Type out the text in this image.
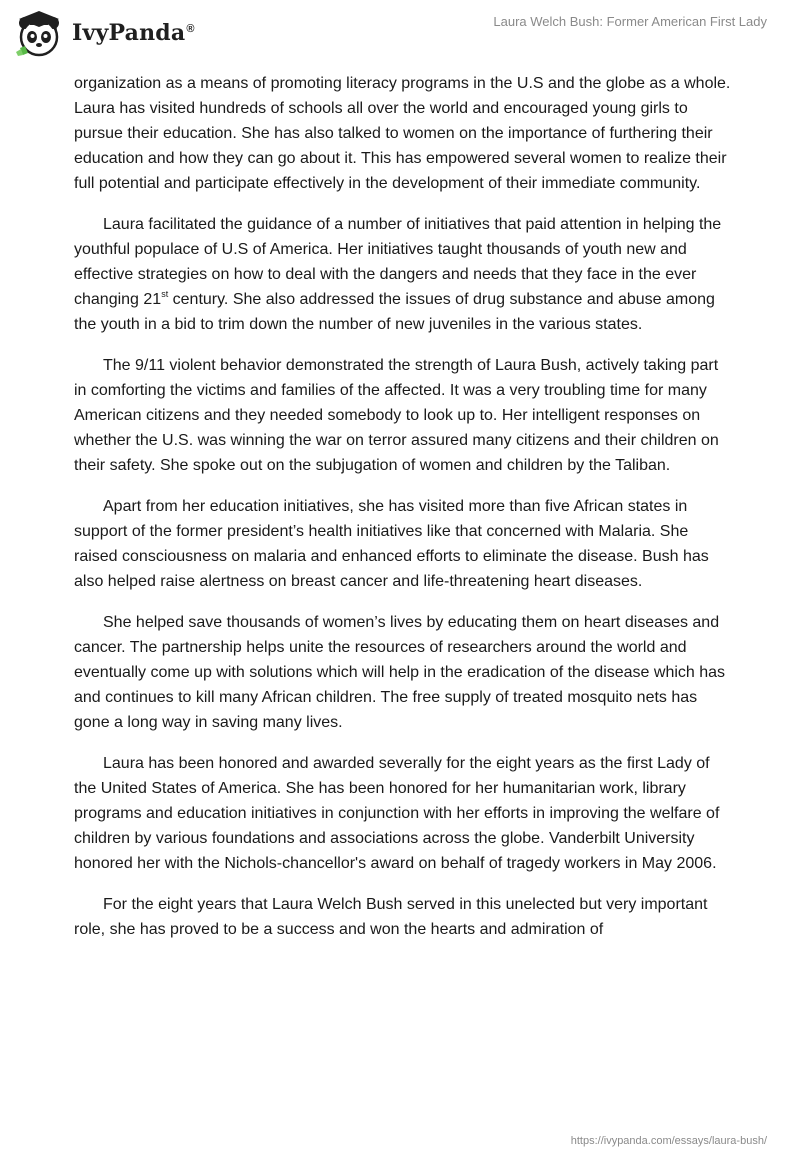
IvyPanda®	Laura Welch Bush: Former American First Lady

organization as a means of promoting literacy programs in the U.S and the globe as a whole. Laura has visited hundreds of schools all over the world and encouraged young girls to pursue their education. She has also talked to women on the importance of furthering their education and how they can go about it. This has empowered several women to realize their full potential and participate effectively in the development of their immediate community.

Laura facilitated the guidance of a number of initiatives that paid attention in helping the youthful populace of U.S of America. Her initiatives taught thousands of youth new and effective strategies on how to deal with the dangers and needs that they face in the ever changing 21st century. She also addressed the issues of drug substance and abuse among the youth in a bid to trim down the number of new juveniles in the various states.

The 9/11 violent behavior demonstrated the strength of Laura Bush, actively taking part in comforting the victims and families of the affected. It was a very troubling time for many American citizens and they needed somebody to look up to. Her intelligent responses on whether the U.S. was winning the war on terror assured many citizens and their children on their safety. She spoke out on the subjugation of women and children by the Taliban.

Apart from her education initiatives, she has visited more than five African states in support of the former president’s health initiatives like that concerned with Malaria. She raised consciousness on malaria and enhanced efforts to eliminate the disease. Bush has also helped raise alertness on breast cancer and life-threatening heart diseases.

She helped save thousands of women’s lives by educating them on heart diseases and cancer. The partnership helps unite the resources of researchers around the world and eventually come up with solutions which will help in the eradication of the disease which has and continues to kill many African children. The free supply of treated mosquito nets has gone a long way in saving many lives.

Laura has been honored and awarded severally for the eight years as the first Lady of the United States of America. She has been honored for her humanitarian work, library programs and education initiatives in conjunction with her efforts in improving the welfare of children by various foundations and associations across the globe. Vanderbilt University honored her with the Nichols-chancellor's award on behalf of tragedy workers in May 2006.

For the eight years that Laura Welch Bush served in this unelected but very important role, she has proved to be a success and won the hearts and admiration of

https://ivypanda.com/essays/laura-bush/
